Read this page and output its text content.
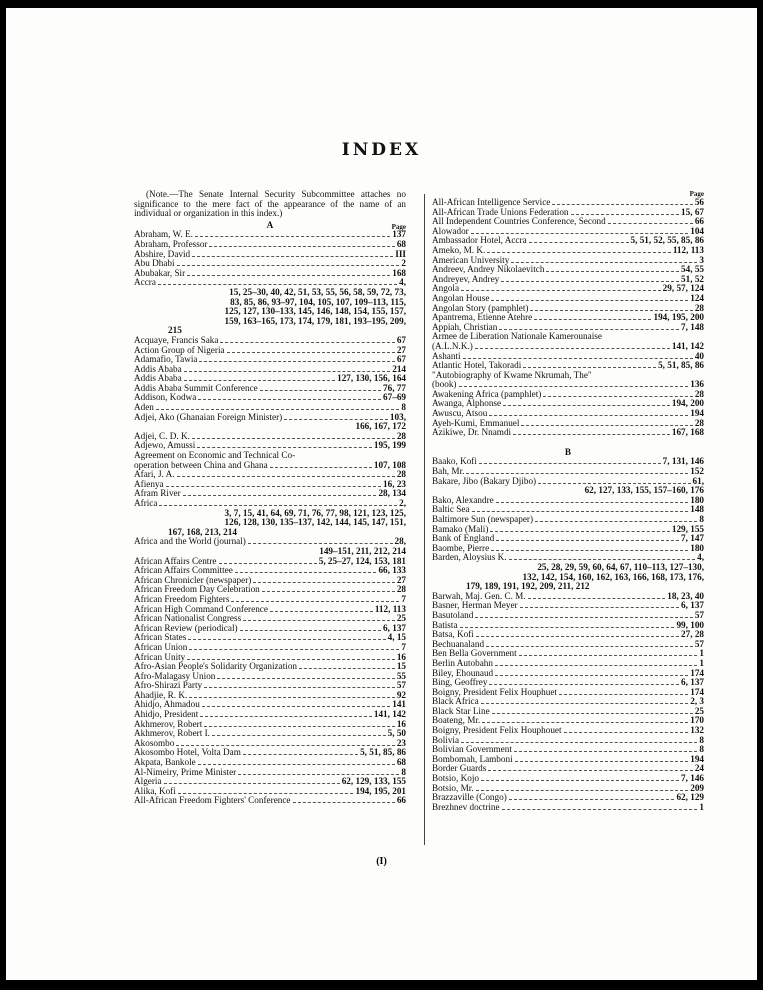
INDEX
(Note.—The Senate Internal Security Subcommittee attaches no significance to the mere fact of the appearance of the name of an individual or organization in this index.)
A	Page
Abraham, W. E.	137
Abraham, Professor	68
Abshire, David	III
Abu Dhabi	2
Abubakar, Sir	168
Accra	4,
15, 25–30, 40, 42, 51, 53, 55, 56, 58, 59, 72, 73,
83, 85, 86, 93–97, 104, 105, 107, 109–113, 115,
125, 127, 130–133, 145, 146, 148, 154, 155, 157,
159, 163–165, 173, 174, 179, 181, 193–195, 209,
215
Acquaye, Francis Saka	67
Action Group of Nigeria	27
Adamafio, Tawia	67
Addis Ababa	214
Addis Ababa	127, 130, 156, 164
Addis Ababa Summit Conference	76, 77
Addison, Kodwa	67–69
Aden	8
Adjei, Ako (Ghanaian Foreign Minister)	103,
166, 167, 172
Adjei, C. D. K.	28
Adjewo, Amussi	195, 199
Agreement on Economic and Technical Co-
operation between China and Ghana	107, 108
Afari, J. A.	28
Afienya	16, 23
Afram River	28, 134
Africa	2,
3, 7, 15, 41, 64, 69, 71, 76, 77, 98, 121, 123, 125,
126, 128, 130, 135–137, 142, 144, 145, 147, 151,
167, 168, 213, 214
Africa and the World (journal)	28,
149–151, 211, 212, 214
African Affairs Centre	5, 25–27, 124, 153, 181
African Affairs Committee	66, 133
African Chronicler (newspaper)	27
African Freedom Day Celebration	28
African Freedom Fighters	7
African High Command Conference	112, 113
African Nationalist Congress	25
African Review (periodical)	6, 137
African States	4, 15
African Union	7
African Unity	16
Afro-Asian People's Solidarity Organization	15
Afro-Malagasy Union	55
Afro-Shirazi Party	57
Ahadjie, R. K.	92
Ahidjo, Ahmadou	141
Ahidjo, President	141, 142
Akhmerov, Robert	16
Akhmerov, Robert I.	5, 50
Akosombo	23
Akosombo Hotel, Volta Dam	5, 51, 85, 86
Akpata, Bankole	68
Al-Nimeiry, Prime Minister	8
Algeria	62, 129, 133, 155
Alika, Kofi	194, 195, 201
All-African Freedom Fighters' Conference	66
Page
All-African Intelligence Service	56
All-African Trade Unions Federation	15, 67
All Independent Countries Conference, Second	66
Alowador	104
Ambassador Hotel, Accra	5, 51, 52, 55, 85, 86
Ameko, M. K.	112, 113
American University	3
Andreev, Andrey Nikolaevitch	54, 55
Andreyev, Andrey	51, 52
Angola	29, 57, 124
Angolan House	124
Angolan Story (pamphlet)	28
Apantrema, Etienne Atehre	194, 195, 200
Appiah, Christian	7, 148
Armee de Liberation Nationale Kamerounaise
(A.L.N.K.)	141, 142
Ashanti	40
Atlantic Hotel, Takoradi	5, 51, 85, 86
"Autobiography of Kwame Nkrumah, The"
(book)	136
Awakening Africa (pamphlet)	28
Awanga, Alphonse	194, 200
Awuscu, Atsou	194
Ayeh-Kumi, Emmanuel	28
Azikiwe, Dr. Nnamdi	167, 168
B
Baako, Kofi	7, 131, 146
Bah, Mr.	152
Bakare, Jibo (Bakary Djibo)	61,
62, 127, 133, 155, 157–160, 176
Bako, Alexandre	180
Baltic Sea	148
Baltimore Sun (newspaper)	8
Bamako (Mali)	129, 155
Bank of England	7, 147
Baombe, Pierre	180
Barden, Aloysius K.	4,
25, 28, 29, 59, 60, 64, 67, 110–113, 127–130,
132, 142, 154, 160, 162, 163, 166, 168, 173, 176,
179, 189, 191, 192, 209, 211, 212
Barwah, Maj. Gen. C. M.	18, 23, 40
Basner, Herman Meyer	6, 137
Basutoland	57
Batista	99, 100
Batsa, Kofi	27, 28
Bechuanaland	57
Ben Bella Government	1
Berlin Autobahn	1
Biley, Ehounaud	174
Bing, Geoffrey	6, 137
Boigny, President Felix Houphuet	174
Black Africa	2, 3
Black Star Line	25
Boateng, Mr.	170
Boigny, President Felix Houphouet	132
Bolivia	8
Bolivian Government	8
Bombomah, Lamboni	194
Border Guards	24
Botsio, Kojo	7, 146
Botsio, Mr.	209
Brazzaville (Congo)	62, 129
Brezhnev doctrine	1
(I)
